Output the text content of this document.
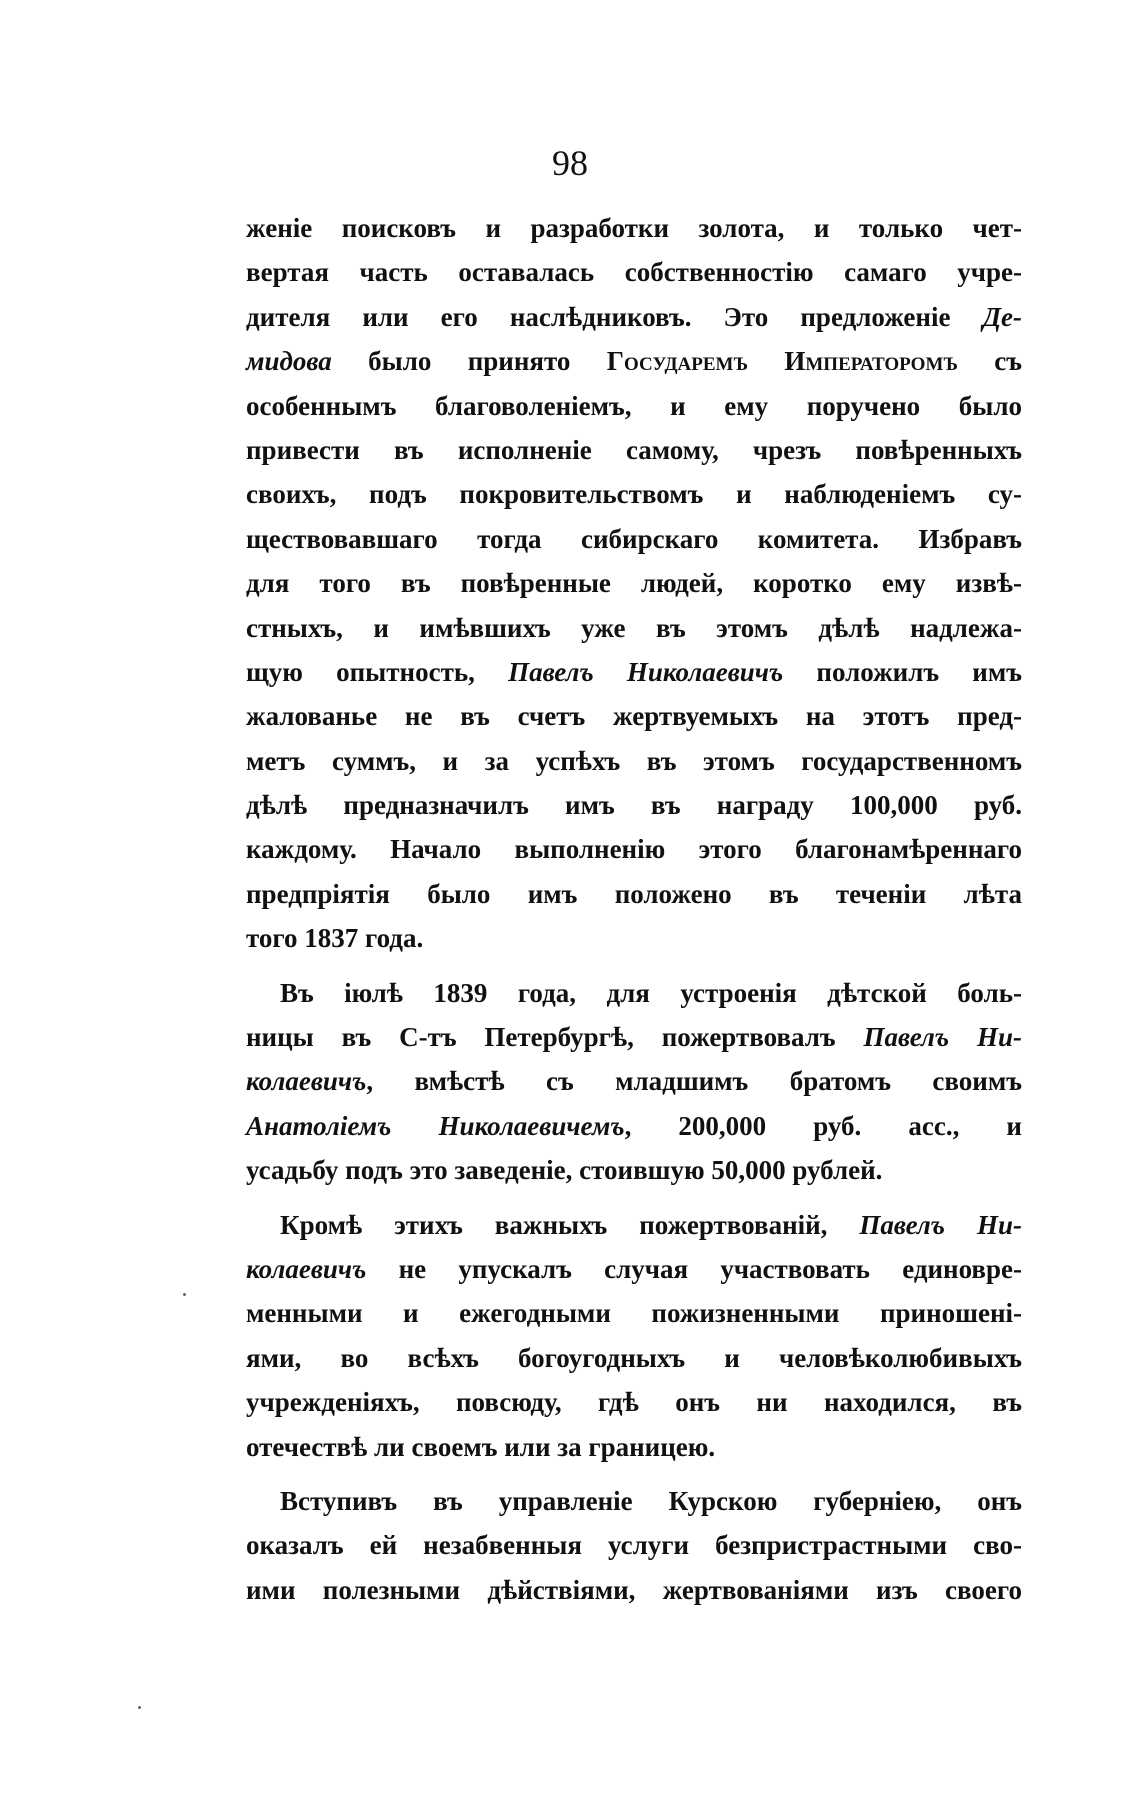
98
женіе поисковъ и разработки золота, и только чет-
вертая часть оставалась собственностію самаго учре-
дителя или его наслѣдниковъ. Это предложеніе Де-
мидова было принято Государемъ Императоромъ съ
особеннымъ благоволеніемъ, и ему поручено было
привести въ исполненіе самому, чрезъ повѣренныхъ
своихъ, подъ покровительствомъ и наблюденіемъ су-
ществовавшаго тогда сибирскаго комитета. Избравъ
для того въ повѣренные людей, коротко ему извѣ-
стныхъ, и имѣвшихъ уже въ этомъ дѣлѣ надлежа-
щую опытность, Павелъ Николаевичъ положилъ имъ
жалованье не въ счетъ жертвуемыхъ на этотъ пред-
метъ суммъ, и за успѣхъ въ этомъ государственномъ
дѣлѣ предназначилъ имъ въ награду 100,000 руб.
каждому. Начало выполненію этого благонамѣреннаго
предпріятія было имъ положено въ теченіи лѣта
того 1837 года.
Въ іюлѣ 1839 года, для устроенія дѣтской боль-
ницы въ С-тъ Петербургѣ, пожертвовалъ Павелъ Ни-
колаевичъ, вмѣстѣ съ младшимъ братомъ своимъ
Анатоліемъ Николаевичемъ, 200,000 руб. асс., и
усадьбу подъ это заведеніе, стоившую 50,000 рублей.
Кромѣ этихъ важныхъ пожертвованій, Павелъ Ни-
колаевичъ не упускалъ случая участвовать единовре-
менными и ежегодными пожизненными приношені-
ями, во всѣхъ богоугодныхъ и человѣколюбивыхъ
учрежденіяхъ, повсюду, гдѣ онъ ни находился, въ
отечествѣ ли своемъ или за границею.
Вступивъ въ управленіе Курскою губерніею, онъ
оказалъ ей незабвенныя услуги безпристрастными сво-
ими полезными дѣйствіями, жертвованіями изъ своего
